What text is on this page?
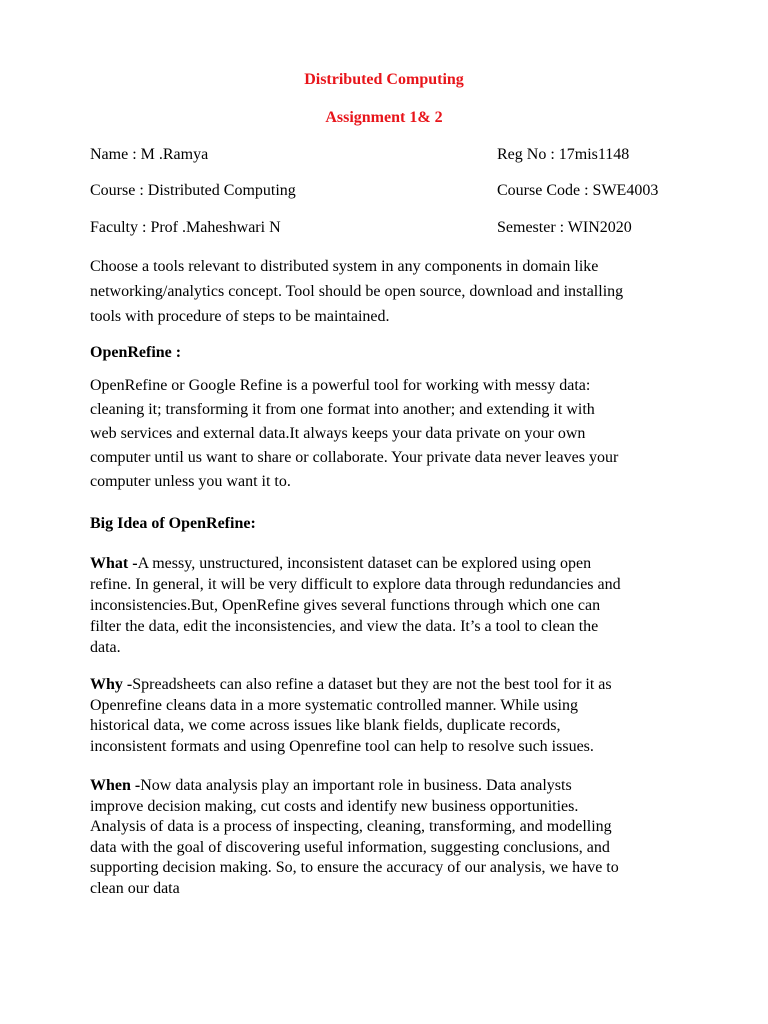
Distributed Computing
Assignment 1& 2
Name : M .Ramya	Reg No : 17mis1148
Course : Distributed Computing	Course Code : SWE4003
Faculty : Prof .Maheshwari N	Semester : WIN2020

Choose a tools relevant to distributed system in any components in domain like
networking/analytics concept. Tool should be open source, download and installing
tools with procedure of steps to be maintained.

OpenRefine :

OpenRefine or Google Refine is a powerful tool for working with messy data:
cleaning it; transforming it from one format into another; and extending it with
web services and external data.It always keeps your data private on your own
computer until us want to share or collaborate. Your private data never leaves your
computer unless you want it to.

Big Idea of OpenRefine:

What -A messy, unstructured, inconsistent dataset can be explored using open
refine. In general, it will be very difficult to explore data through redundancies and
inconsistencies.But, OpenRefine gives several functions through which one can
filter the data, edit the inconsistencies, and view the data. It’s a tool to clean the
data.

Why -Spreadsheets can also refine a dataset but they are not the best tool for it as
Openrefine cleans data in a more systematic controlled manner. While using
historical data, we come across issues like blank fields, duplicate records,
inconsistent formats and using Openrefine tool can help to resolve such issues.

When -Now data analysis play an important role in business. Data analysts
improve decision making, cut costs and identify new business opportunities.
Analysis of data is a process of inspecting, cleaning, transforming, and modelling
data with the goal of discovering useful information, suggesting conclusions, and
supporting decision making. So, to ensure the accuracy of our analysis, we have to
clean our data
